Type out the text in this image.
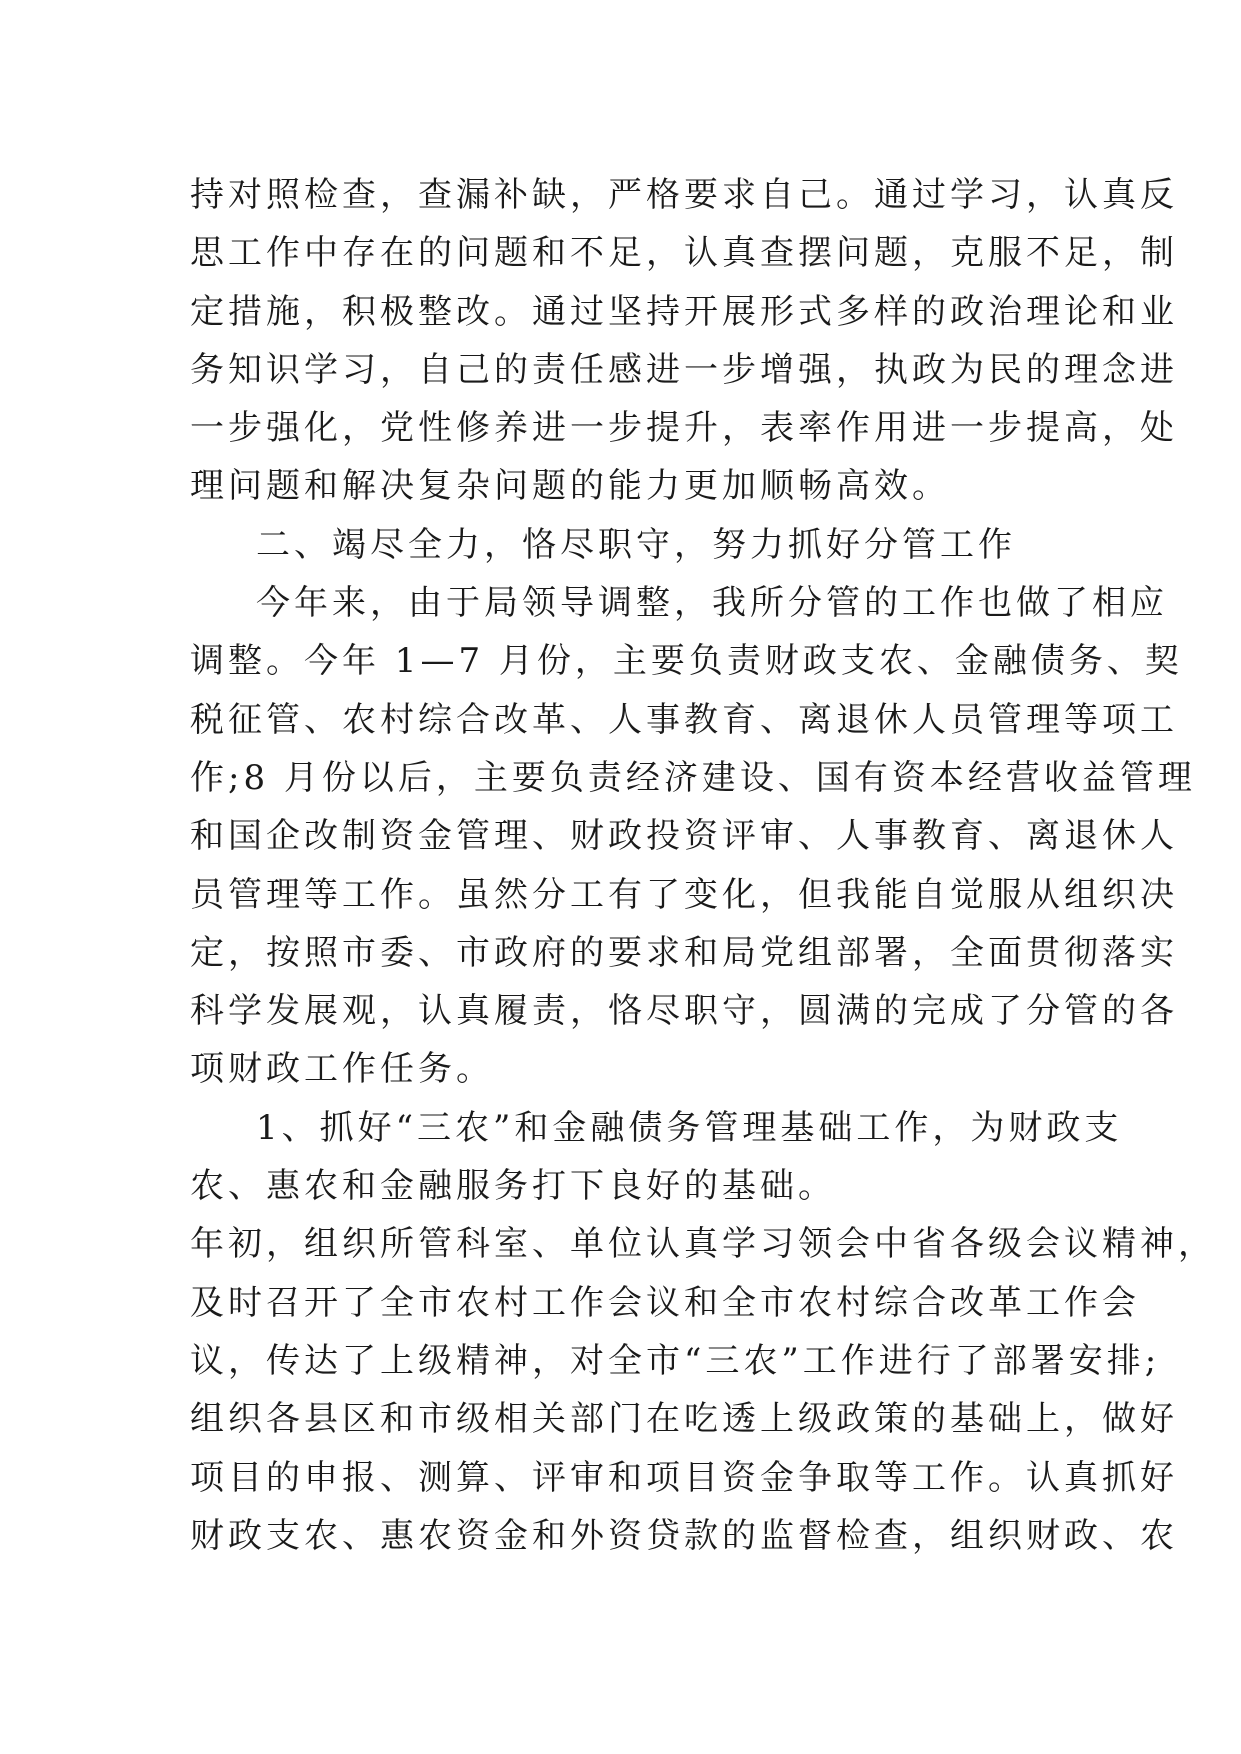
持对照检查，查漏补缺，严格要求自己。通过学习，认真反
思工作中存在的问题和不足，认真查摆问题，克服不足，制
定措施，积极整改。通过坚持开展形式多样的政治理论和业
务知识学习，自己的责任感进一步增强，执政为民的理念进
一步强化，党性修养进一步提升，表率作用进一步提高，处
理问题和解决复杂问题的能力更加顺畅高效。
二、竭尽全力，恪尽职守，努力抓好分管工作
今年来，由于局领导调整，我所分管的工作也做了相应
调整。今年 1—7 月份，主要负责财政支农、金融债务、契
税征管、农村综合改革、人事教育、离退休人员管理等项工
作;8 月份以后，主要负责经济建设、国有资本经营收益管理
和国企改制资金管理、财政投资评审、人事教育、离退休人
员管理等工作。虽然分工有了变化，但我能自觉服从组织决
定，按照市委、市政府的要求和局党组部署，全面贯彻落实
科学发展观，认真履责，恪尽职守，圆满的完成了分管的各
项财政工作任务。
1、抓好“三农”和金融债务管理基础工作，为财政支
农、惠农和金融服务打下良好的基础。
年初，组织所管科室、单位认真学习领会中省各级会议精神，
及时召开了全市农村工作会议和全市农村综合改革工作会
议，传达了上级精神，对全市“三农”工作进行了部署安排;
组织各县区和市级相关部门在吃透上级政策的基础上，做好
项目的申报、测算、评审和项目资金争取等工作。认真抓好
财政支农、惠农资金和外资贷款的监督检查，组织财政、农
